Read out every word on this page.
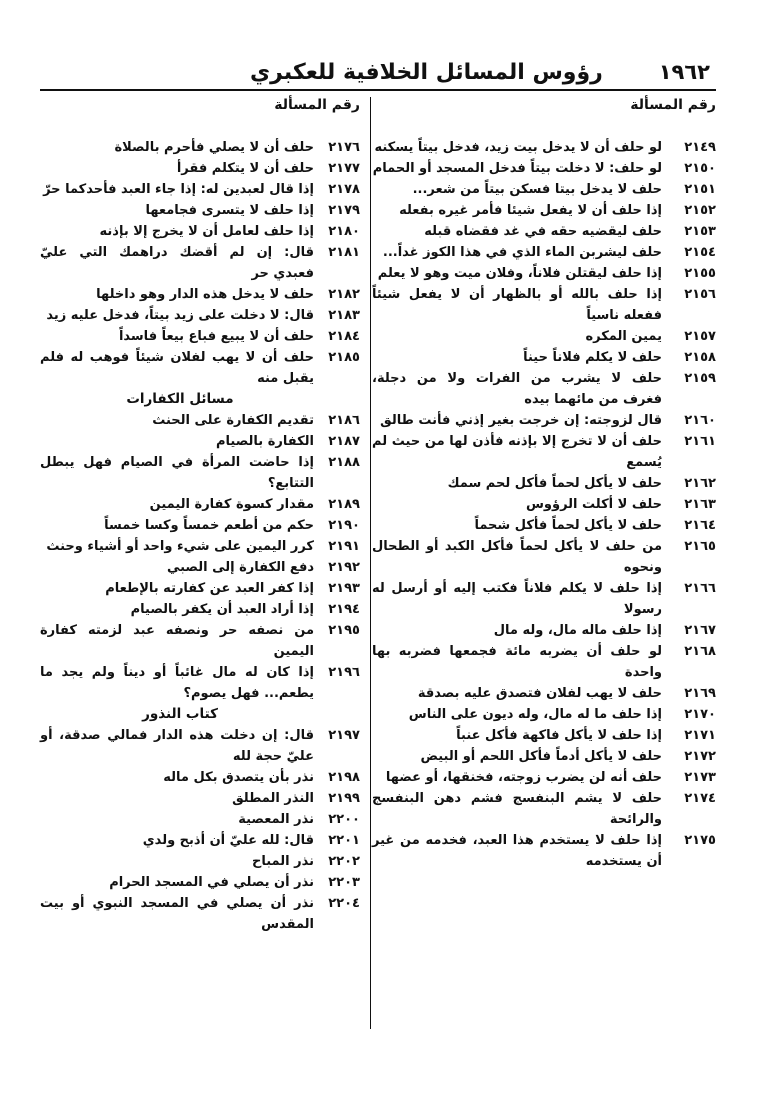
١٩٦٢
رؤوس المسائل الخلافية للعكبري
رقم المسألة
٢١٤٩
لو حلف أن لا يدخل بيت زيد، فدخل بيتاً يسكنه
٢١٥٠
لو حلف: لا دخلت بيتاً فدخل المسجد أو الحمام
٢١٥١
حلف لا يدخل بيتا فسكن بيتاً من شعر...
٢١٥٢
إذا حلف أن لا يفعل شيئا فأمر غيره بفعله
٢١٥٣
حلف ليقضيه حقه في غد فقضاه قبله
٢١٥٤
حلف ليشربن الماء الذي في هذا الكوز غداً...
٢١٥٥
إذا حلف ليقتلن فلاناً، وفلان ميت وهو لا يعلم
٢١٥٦
إذا حلف بالله أو بالظهار أن لا يفعل شيئاً ففعله ناسياً
٢١٥٧
يمين المكره
٢١٥٨
حلف لا يكلم فلاناً حيناً
٢١٥٩
حلف لا يشرب من الفرات ولا من دجلة، فغرف من مائهما بيده
٢١٦٠
قال لزوجته: إن خرجت بغير إذني فأنت طالق
٢١٦١
حلف أن لا تخرج إلا بإذنه فأذن لها من حيث لم يُسمع
٢١٦٢
حلف لا يأكل لحماً فأكل لحم سمك
٢١٦٣
حلف لا أكلت الرؤوس
٢١٦٤
حلف لا يأكل لحماً فأكل شحماً
٢١٦٥
من حلف لا يأكل لحماً فأكل الكبد أو الطحال ونحوه
٢١٦٦
إذا حلف لا يكلم فلاناً فكتب إليه أو أرسل له رسولا
٢١٦٧
إذا حلف ماله مال، وله مال
٢١٦٨
لو حلف أن يضربه مائة فجمعها فضربه بها واحدة
٢١٦٩
حلف لا يهب لفلان فتصدق عليه بصدقة
٢١٧٠
إذا حلف ما له مال، وله ديون على الناس
٢١٧١
إذا حلف لا يأكل فاكهة فأكل عنباً
٢١٧٢
حلف لا يأكل أدماً فأكل اللحم أو البيض
٢١٧٣
حلف أنه لن يضرب زوجته، فخنقها، أو عضها
٢١٧٤
حلف لا يشم البنفسج فشم دهن البنفسج والرائحة
٢١٧٥
إذا حلف لا يستخدم هذا العبد، فخدمه من غير أن يستخدمه
رقم المسألة
٢١٧٦
حلف أن لا يصلي فأحرم بالصلاة
٢١٧٧
حلف أن لا يتكلم فقرأ
٢١٧٨
إذا قال لعبدين له: إذا جاء العبد فأحدكما حرّ
٢١٧٩
إذا حلف لا يتسرى فجامعها
٢١٨٠
إذا حلف لعامل أن لا يخرج إلا بإذنه
٢١٨١
قال: إن لم أقضك دراهمك التي عليّ فعبدي حر
٢١٨٢
حلف لا يدخل هذه الدار وهو داخلها
٢١٨٣
قال: لا دخلت على زيد بيتاً، فدخل عليه زيد
٢١٨٤
حلف أن لا يبيع فباع بيعاً فاسداً
٢١٨٥
حلف أن لا يهب لفلان شيئاً فوهب له فلم يقبل منه
مسائل الكفارات
٢١٨٦
تقديم الكفارة على الحنث
٢١٨٧
الكفارة بالصيام
٢١٨٨
إذا حاضت المرأة في الصيام فهل يبطل التتابع؟
٢١٨٩
مقدار كسوة كفارة اليمين
٢١٩٠
حكم من أطعم خمساً وكسا خمساً
٢١٩١
كرر اليمين على شيء واحد أو أشياء وحنث
٢١٩٢
دفع الكفارة إلى الصبي
٢١٩٣
إذا كفر العبد عن كفارته بالإطعام
٢١٩٤
إذا أراد العبد أن يكفر بالصيام
٢١٩٥
من نصفه حر ونصفه عبد لزمته كفارة اليمين
٢١٩٦
إذا كان له مال غائباً أو ديناً ولم يجد ما يطعم... فهل يصوم؟
كتاب النذور
٢١٩٧
قال: إن دخلت هذه الدار فمالي صدقة، أو عليّ حجة لله
٢١٩٨
نذر بأن يتصدق بكل ماله
٢١٩٩
النذر المطلق
٢٢٠٠
نذر المعصية
٢٢٠١
قال: لله عليّ أن أذبح ولدي
٢٢٠٢
نذر المباح
٢٢٠٣
نذر أن يصلي في المسجد الحرام
٢٢٠٤
نذر أن يصلي في المسجد النبوي أو بيت المقدس
